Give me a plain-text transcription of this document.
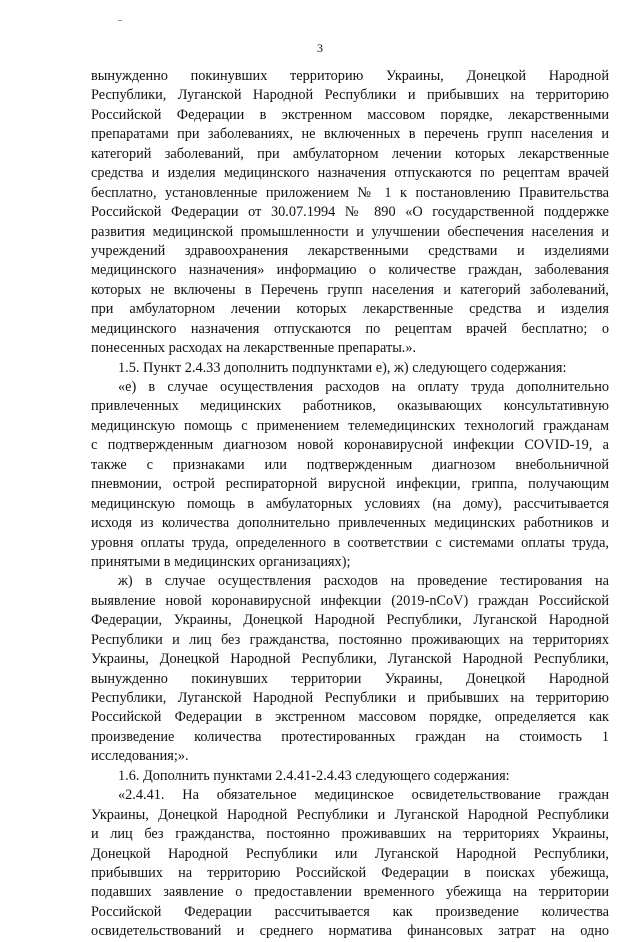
3
вынужденно покинувших территорию Украины, Донецкой Народной
Республики, Луганской Народной Республики и прибывших на территорию
Российской Федерации в экстренном массовом порядке, лекарственными
препаратами при заболеваниях, не включенных в перечень групп населения и
категорий заболеваний, при амбулаторном лечении которых лекарственные
средства и изделия медицинского назначения отпускаются по рецептам врачей
бесплатно, установленные приложением № 1 к постановлению Правительства
Российской Федерации от 30.07.1994 № 890 «О государственной поддержке
развития медицинской промышленности и улучшении обеспечения населения и
учреждений здравоохранения лекарственными средствами и изделиями
медицинского назначения» информацию о количестве граждан, заболевания
которых не включены в Перечень групп населения и категорий заболеваний,
при амбулаторном лечении которых лекарственные средства и изделия
медицинского назначения отпускаются по рецептам врачей бесплатно; о
понесенных расходах на лекарственные препараты.».
1.5. Пункт 2.4.33 дополнить подпунктами е), ж) следующего содержания:
«е) в случае осуществления расходов на оплату труда дополнительно
привлеченных медицинских работников, оказывающих консультативную
медицинскую помощь с применением телемедицинских технологий гражданам
с подтвержденным диагнозом новой коронавирусной инфекции COVID-19, а
также с признаками или подтвержденным диагнозом внебольничной
пневмонии, острой респираторной вирусной инфекции, гриппа, получающим
медицинскую помощь в амбулаторных условиях (на дому), рассчитывается
исходя из количества дополнительно привлеченных медицинских работников и
уровня оплаты труда, определенного в соответствии с системами оплаты труда,
принятыми в медицинских организациях);
ж) в случае осуществления расходов на проведение тестирования на
выявление новой коронавирусной инфекции (2019-nCoV) граждан Российской
Федерации, Украины, Донецкой Народной Республики, Луганской Народной
Республики и лиц без гражданства, постоянно проживающих на территориях
Украины, Донецкой Народной Республики, Луганской Народной Республики,
вынужденно покинувших территории Украины, Донецкой Народной
Республики, Луганской Народной Республики и прибывших на территорию
Российской Федерации в экстренном массовом порядке, определяется как
произведение количества протестированных граждан на стоимость 1
исследования;».
1.6. Дополнить пунктами 2.4.41-2.4.43 следующего содержания:
«2.4.41. На обязательное медицинское освидетельствование граждан
Украины, Донецкой Народной Республики и Луганской Народной Республики
и лиц без гражданства, постоянно проживавших на территориях Украины,
Донецкой Народной Республики или Луганской Народной Республики,
прибывших на территорию Российской Федерации в поисках убежища,
подавших заявление о предоставлении временного убежища на территории
Российской Федерации рассчитывается как произведение количества
освидетельствований и среднего норматива финансовых затрат на одно
